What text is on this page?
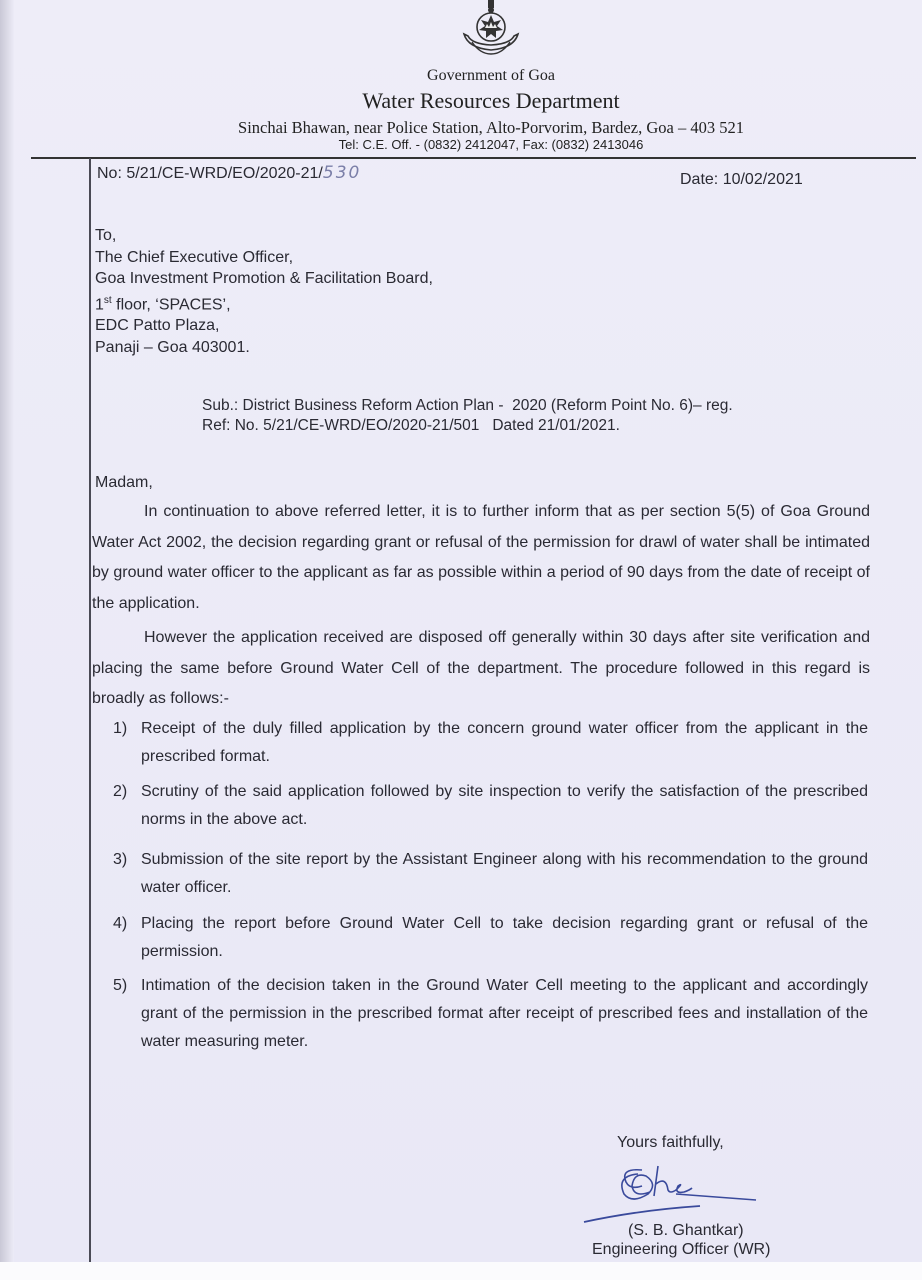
Government of Goa
Water Resources Department
Sinchai Bhawan, near Police Station, Alto-Porvorim, Bardez, Goa – 403 521
Tel: C.E. Off. - (0832) 2412047, Fax: (0832) 2413046
No: 5/21/CE-WRD/EO/2020-21/530	Date: 10/02/2021
To,
The Chief Executive Officer,
Goa Investment Promotion & Facilitation Board,
1st floor, ‘SPACES’,
EDC Patto Plaza,
Panaji – Goa 403001.
Sub.: District Business Reform Action Plan -  2020 (Reform Point No. 6)– reg.
Ref: No. 5/21/CE-WRD/EO/2020-21/501   Dated 21/01/2021.
Madam,
In continuation to above referred letter, it is to further inform that as per section 5(5) of Goa Ground Water Act 2002, the decision regarding grant or refusal of the permission for drawl of water shall be intimated by ground water officer to the applicant as far as possible within a period of 90 days from the date of receipt of the application.
However the application received are disposed off generally within 30 days after site verification and placing the same before Ground Water Cell of the department. The procedure followed in this regard is broadly as follows:-
1) Receipt of the duly filled application by the concern ground water officer from the applicant in the prescribed format.
2) Scrutiny of the said application followed by site inspection to verify the satisfaction of the prescribed norms in the above act.
3) Submission of the site report by the Assistant Engineer along with his recommendation to the ground water officer.
4) Placing the report before Ground Water Cell to take decision regarding grant or refusal of the permission.
5) Intimation of the decision taken in the Ground Water Cell meeting to the applicant and accordingly grant of the permission in the prescribed format after receipt of prescribed fees and installation of the water measuring meter.
Yours faithfully,
(S. B. Ghantkar)
Engineering Officer (WR)
